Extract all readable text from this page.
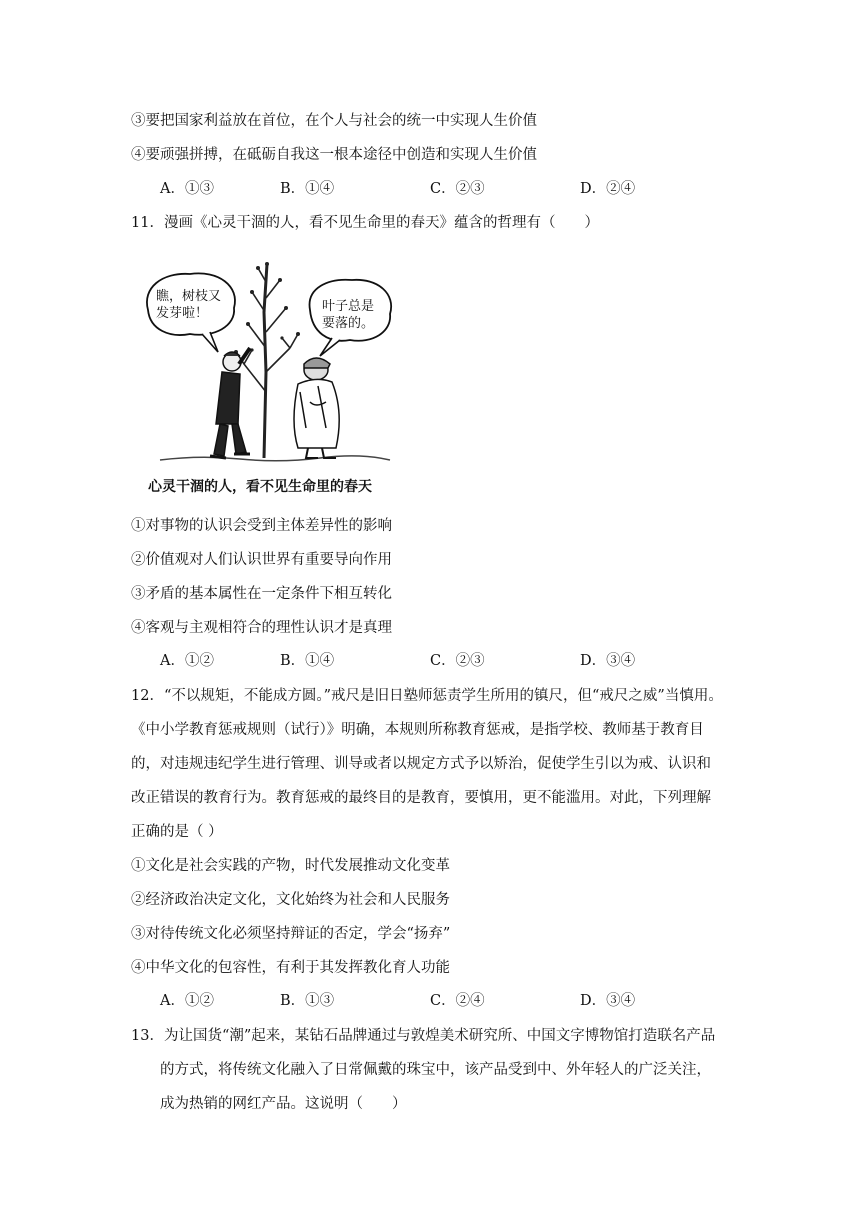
③要把国家利益放在首位，在个人与社会的统一中实现人生价值
④要顽强拼搏，在砥砺自我这一根本途径中创造和实现人生价值
A．①③	B．①④	C．②③	D．②④
11．漫画《心灵干涸的人，看不见生命里的春天》蕴含的哲理有（　　）
瞧，树枝又
发芽啦！	叶子总是
要落的。
心灵干涸的人，看不见生命里的春天
①对事物的认识会受到主体差异性的影响
②价值观对人们认识世界有重要导向作用
③矛盾的基本属性在一定条件下相互转化
④客观与主观相符合的理性认识才是真理
A．①②	B．①④	C．②③	D．③④
12．“不以规矩，不能成方圆。”戒尺是旧日塾师惩责学生所用的镇尺，但“戒尺之威”当慎用。
《中小学教育惩戒规则（试行）》明确，本规则所称教育惩戒，是指学校、教师基于教育目
的，对违规违纪学生进行管理、训导或者以规定方式予以矫治，促使学生引以为戒、认识和
改正错误的教育行为。教育惩戒的最终目的是教育，要慎用，更不能滥用。对此，下列理解
正确的是（ ）
①文化是社会实践的产物，时代发展推动文化变革
②经济政治决定文化，文化始终为社会和人民服务
③对待传统文化必须坚持辩证的否定，学会“扬弃”
④中华文化的包容性，有利于其发挥教化育人功能
A．①②	B．①③	C．②④	D．③④
13．为让国货“潮”起来，某钻石品牌通过与敦煌美术研究所、中国文字博物馆打造联名产品
的方式，将传统文化融入了日常佩戴的珠宝中，该产品受到中、外年轻人的广泛关注，
成为热销的网红产品。这说明（　　）
